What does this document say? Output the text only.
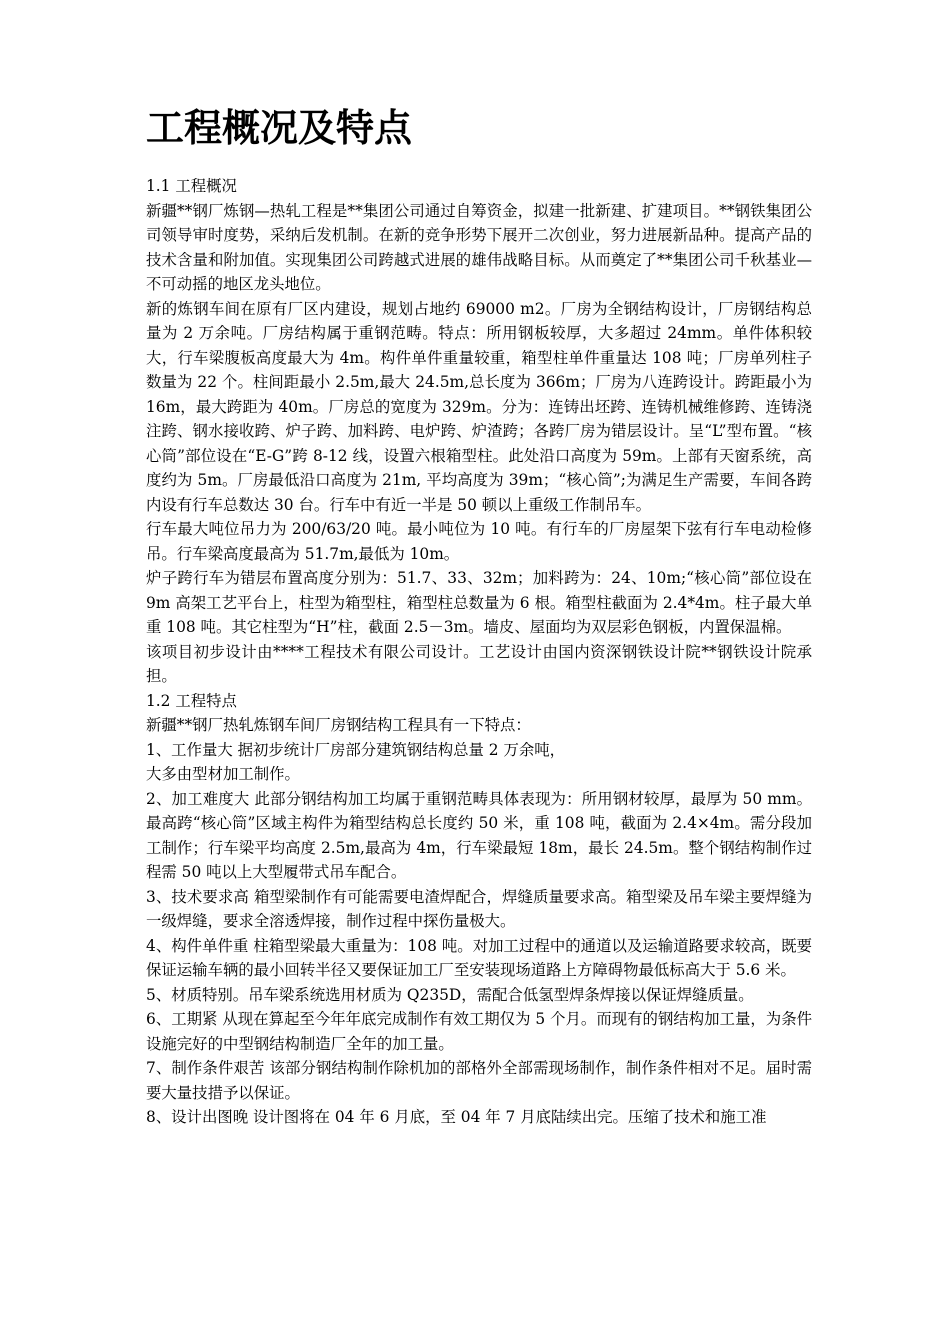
工程概况及特点

1.1 工程概况

新疆**钢厂炼钢—热轧工程是**集团公司通过自筹资金，拟建一批新建、扩建项目。**钢铁集团公司领导审时度势，采纳后发机制。在新的竞争形势下展开二次创业，努力进展新品种。提高产品的技术含量和附加值。实现集团公司跨越式进展的雄伟战略目标。从而奠定了**集团公司千秋基业—不可动摇的地区龙头地位。

新的炼钢车间在原有厂区内建设，规划占地约 69000 m2。厂房为全钢结构设计，厂房钢结构总量为 2 万余吨。厂房结构属于重钢范畴。特点：所用钢板较厚，大多超过 24mm。单件体积较大，行车梁腹板高度最大为 4m。构件单件重量较重，箱型柱单件重量达 108 吨；厂房单列柱子数量为 22 个。柱间距最小 2.5m,最大 24.5m,总长度为 366m；厂房为八连跨设计。跨距最小为 16m，最大跨距为 40m。厂房总的宽度为 329m。分为：连铸出坯跨、连铸机械维修跨、连铸浇注跨、钢水接收跨、炉子跨、加料跨、电炉跨、炉渣跨；各跨厂房为错层设计。呈“L”型布置。“核心筒”部位设在“E-G”跨 8-12 线，设置六根箱型柱。此处沿口高度为 59m。上部有天窗系统，高度约为 5m。厂房最低沿口高度为 21m, 平均高度为 39m；“核心筒”;为满足生产需要，车间各跨内设有行车总数达 30 台。行车中有近一半是 50 顿以上重级工作制吊车。

行车最大吨位吊力为 200/63/20 吨。最小吨位为 10 吨。有行车的厂房屋架下弦有行车电动检修吊。行车梁高度最高为 51.7m,最低为 10m。

炉子跨行车为错层布置高度分别为：51.7、33、32m；加料跨为：24、10m;“核心筒”部位设在 9m 高架工艺平台上，柱型为箱型柱，箱型柱总数量为 6 根。箱型柱截面为 2.4*4m。柱子最大单重 108 吨。其它柱型为“H”柱，截面 2.5－3m。墙皮、屋面均为双层彩色钢板，内置保温棉。

该项目初步设计由****工程技术有限公司设计。工艺设计由国内资深钢铁设计院**钢铁设计院承担。

1.2 工程特点

新疆**钢厂热轧炼钢车间厂房钢结构工程具有一下特点：

1、工作量大 据初步统计厂房部分建筑钢结构总量 2 万余吨，

大多由型材加工制作。

2、加工难度大 此部分钢结构加工均属于重钢范畴具体表现为：所用钢材较厚，最厚为 50 mm。最高跨“核心筒”区域主构件为箱型结构总长度约 50 米，重 108 吨，截面为 2.4×4m。需分段加工制作；行车梁平均高度 2.5m,最高为 4m，行车梁最短 18m，最长 24.5m。整个钢结构制作过程需 50 吨以上大型履带式吊车配合。

3、技术要求高 箱型梁制作有可能需要电渣焊配合，焊缝质量要求高。箱型梁及吊车梁主要焊缝为一级焊缝，要求全溶透焊接，制作过程中探伤量极大。

4、构件单件重 柱箱型梁最大重量为：108 吨。对加工过程中的通道以及运输道路要求较高，既要保证运输车辆的最小回转半径又要保证加工厂至安装现场道路上方障碍物最低标高大于 5.6 米。

5、材质特别。吊车梁系统选用材质为 Q235D，需配合低氢型焊条焊接以保证焊缝质量。

6、工期紧 从现在算起至今年年底完成制作有效工期仅为 5 个月。而现有的钢结构加工量，为条件设施完好的中型钢结构制造厂全年的加工量。

7、制作条件艰苦 该部分钢结构制作除机加的部格外全部需现场制作，制作条件相对不足。届时需要大量技措予以保证。

8、设计出图晚 设计图将在 04 年 6 月底，至 04 年 7 月底陆续出完。压缩了技术和施工准
